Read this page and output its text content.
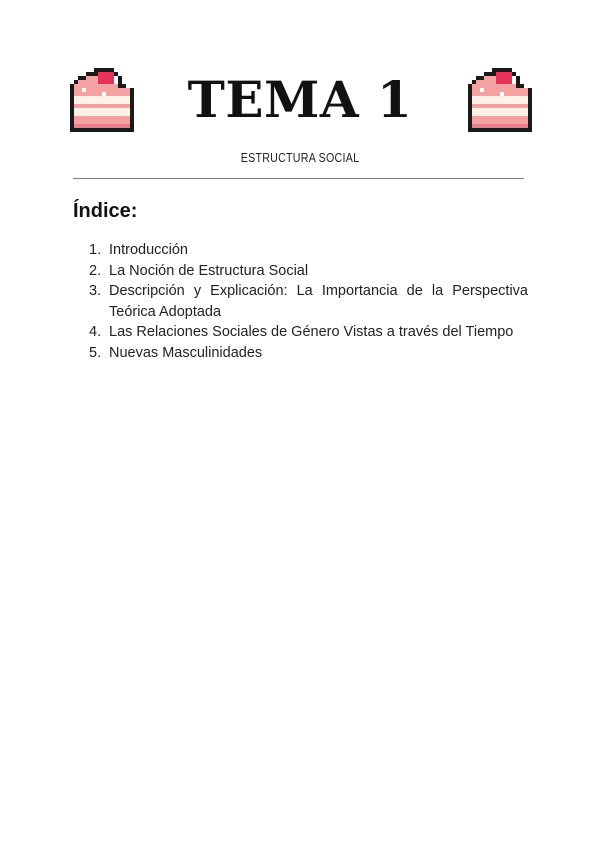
TEMA 1
ESTRUCTURA SOCIAL
Índice:
1. Introducción
2. La Noción de Estructura Social
3. Descripción y Explicación: La Importancia de la Perspectiva Teórica Adoptada
4. Las Relaciones Sociales de Género Vistas a través del Tiempo
5. Nuevas Masculinidades
